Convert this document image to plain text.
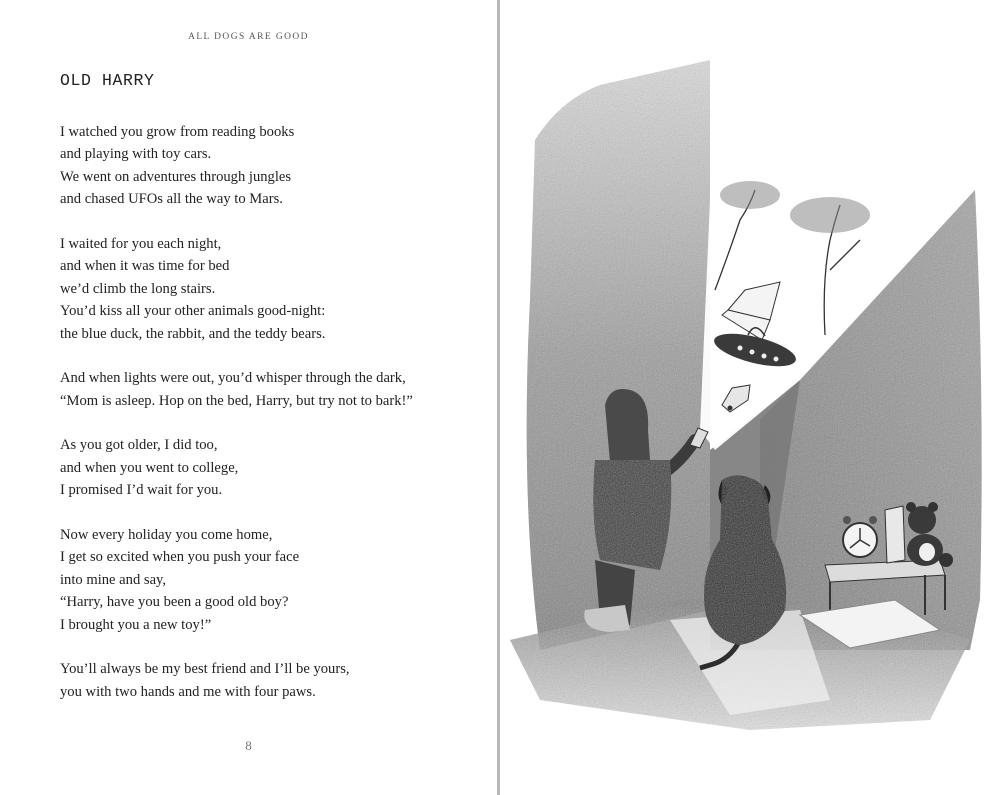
ALL DOGS ARE GOOD
OLD HARRY
I watched you grow from reading books
and playing with toy cars.
We went on adventures through jungles
and chased UFOs all the way to Mars.
I waited for you each night,
and when it was time for bed
we’d climb the long stairs.
You’d kiss all your other animals good-night:
the blue duck, the rabbit, and the teddy bears.
And when lights were out, you’d whisper through the dark,
“Mom is asleep. Hop on the bed, Harry, but try not to bark!”
As you got older, I did too,
and when you went to college,
I promised I’d wait for you.
Now every holiday you come home,
I get so excited when you push your face
into mine and say,
“Harry, have you been a good old boy?
I brought you a new toy!”
You’ll always be my best friend and I’ll be yours,
you with two hands and me with four paws.
8
